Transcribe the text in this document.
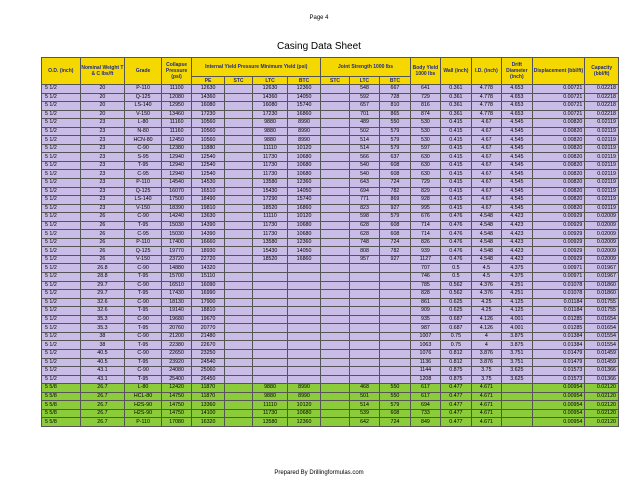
Page 4
Casing Data Sheet
O.D. (inch)	Nominal Weight T & C lbs/ft	Grade	Collapse Pressure (psi)	Internal Yield Pressure Minimum Yield (psi)				Joint Strength 1000 lbs			Body Yield 1000 lbs	Wall (inch)	I.D. (inch)	Drift Diameter (inch)	Displacement (bbl/ft)	Capacity (bbl/ft)
				PE	STC	LTC	BTC	STC	LTC	BTC						
5 1/2	20	P-110	11100	12630		12630	12360		548	667	641	0.361	4.778	4.653	0.00721	0.02218
5 1/2	20	Q-125	12080	14360		14360	14050		592	728	729	0.361	4.778	4.653	0.00721	0.02218
5 1/2	20	LS-140	12950	16080		16080	15740		657	810	816	0.361	4.778	4.653	0.00721	0.02218
5 1/2	20	V-150	13460	17230		17230	16860		701	865	874	0.361	4.778	4.653	0.00721	0.02218
5 1/2	23	L-80	11160	10560		9880	8990		489	550	530	0.415	4.67	4.545	0.00820	0.02119
5 1/2	23	N-80	11160	10560		9880	8990		502	579	530	0.415	4.67	4.545	0.00820	0.02119
5 1/2	23	HCN-80	12450	10560		9880	8990		514	579	530	0.415	4.67	4.545	0.00820	0.02119
5 1/2	23	C-90	12380	11880		11110	10120		514	579	597	0.415	4.67	4.545	0.00820	0.02119
5 1/2	23	S-95	12940	12540		11730	10680		566	637	630	0.415	4.67	4.545	0.00820	0.02119
5 1/2	23	T-95	12940	12540		11730	10680		540	608	630	0.415	4.67	4.545	0.00820	0.02119
5 1/2	23	C-95	12940	12540		11730	10680		540	608	630	0.415	4.67	4.545	0.00820	0.02119
5 1/2	23	P-110	14540	14530		13580	12360		643	724	729	0.415	4.67	4.545	0.00820	0.02119
5 1/2	23	Q-125	16070	16510		15430	14050		694	782	829	0.415	4.67	4.545	0.00820	0.02119
5 1/2	23	LS-140	17500	18490		17290	15740		771	869	928	0.415	4.67	4.545	0.00820	0.02119
5 1/2	23	V-150	18390	19810		18520	16860		823	927	995	0.415	4.67	4.545	0.00820	0.02119
5 1/2	26	C-90	14240	13630		11110	10120		598	579	676	0.476	4.548	4.423	0.00929	0.02009
5 1/2	26	T-95	15030	14390		11730	10680		628	608	714	0.476	4.548	4.423	0.00929	0.02009
5 1/2	26	C-95	15030	14390		11730	10680		628	608	714	0.476	4.548	4.423	0.00929	0.02009
5 1/2	26	P-110	17400	16660		13580	12360		748	724	826	0.476	4.548	4.423	0.00929	0.02009
5 1/2	26	Q-125	19770	18930		15430	14050		808	782	939	0.476	4.548	4.423	0.00929	0.02009
5 1/2	26	V-150	23720	22720		18520	16860		957	927	1127	0.476	4.548	4.423	0.00929	0.02009
5 1/2	26.8	C-90	14880	14320							707	0.5	4.5	4.375	0.00971	0.01967
5 1/2	28.8	T-95	15700	15110							746	0.5	4.5	4.375	0.00971	0.01967
5 1/2	29.7	C-90	16510	16090							785	0.562	4.376	4.251	0.01078	0.01860
5 1/2	29.7	T-95	17430	16990							828	0.562	4.376	4.251	0.01078	0.01860
5 1/2	32.6	C-90	18130	17900							861	0.625	4.25	4.125	0.01184	0.01755
5 1/2	32.6	T-95	19140	18810							909	0.625	4.25	4.125	0.01184	0.01755
5 1/2	35.3	C-90	19680	19670							935	0.687	4.126	4.001	0.01285	0.01654
5 1/2	35.3	T-95	20760	20770							987	0.687	4.126	4.001	0.01285	0.01654
5 1/2	38	C-90	21200	21480							1007	0.75	4	3.875	0.01384	0.01554
5 1/2	38	T-95	22380	22670							1063	0.75	4	3.875	0.01384	0.01554
5 1/2	40.5	C-90	22650	23250							1076	0.812	3.876	3.751	0.01479	0.01459
5 1/2	40.5	T-95	23920	24540							1136	0.812	3.876	3.751	0.01479	0.01459
5 1/2	43.1	C-90	24080	25060							1144	0.875	3.75	3.625	0.01573	0.01366
5 1/2	43.1	T-95	25400	26450							1208	0.875	3.75	3.625	0.01573	0.01366
5 5/8	26.7	L-80	12420	11870		9880	8990		468	550	617	0.477	4.671		0.00954	0.02120
5 5/8	26.7	HCL-80	14750	11870		9880	8990		501	550	617	0.477	4.671		0.00954	0.02120
5 5/8	26.7	H2S-90	14750	13360		11110	10120		514	579	694	0.477	4.671		0.00954	0.02120
5 5/8	26.7	H2S-90	14750	14100		11730	10680		539	608	733	0.477	4.671		0.00954	0.02120
5 5/8	26.7	P-110	17080	16320		13580	12360		642	724	849	0.477	4.671		0.00954	0.02120
Prepared By Drillingformulas.com
